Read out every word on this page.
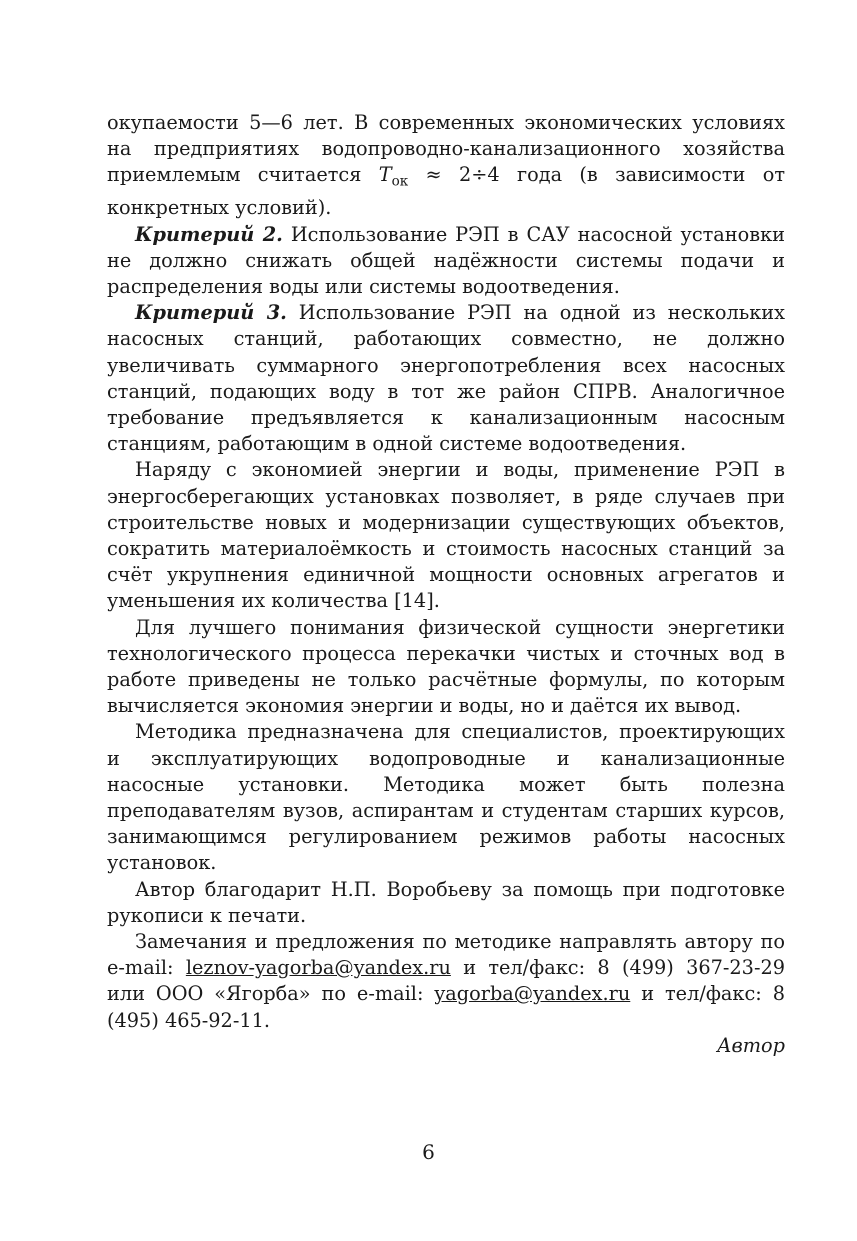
окупаемости 5—6 лет. В современных экономических условиях на предприятиях водопроводно-канализационного хозяйства приемлемым считается $T_{ок} \approx 2\div 4$ года (в зависимости от конкретных условий).

Критерий 2. Использование РЭП в САУ насосной установки не должно снижать общей надёжности системы подачи и распределения воды или системы водоотведения.

Критерий 3. Использование РЭП на одной из нескольких насосных станций, работающих совместно, не должно увеличивать суммарного энергопотребления всех насосных станций, подающих воду в тот же район СПРВ. Аналогичное требование предъявляется к канализационным насосным станциям, работающим в одной системе водоотведения.

Наряду с экономией энергии и воды, применение РЭП в энергосберегающих установках позволяет, в ряде случаев при строительстве новых и модернизации существующих объектов, сократить материалоёмкость и стоимость насосных станций за счёт укрупнения единичной мощности основных агрегатов и уменьшения их количества [14].

Для лучшего понимания физической сущности энергетики технологического процесса перекачки чистых и сточных вод в работе приведены не только расчётные формулы, по которым вычисляется экономия энергии и воды, но и даётся их вывод.

Методика предназначена для специалистов, проектирующих и эксплуатирующих водопроводные и канализационные насосные установки. Методика может быть полезна преподавателям вузов, аспирантам и студентам старших курсов, занимающимся регулированием режимов работы насосных установок.

Автор благодарит Н.П. Воробьеву за помощь при подготовке рукописи к печати.

Замечания и предложения по методике направлять автору по e-mail: leznov-yagorba@yandex.ru и тел/факс: 8 (499) 367-23-29 или ООО «Ягорба» по e-mail: yagorba@yandex.ru и тел/факс: 8 (495) 465-92-11.

Автор
6
